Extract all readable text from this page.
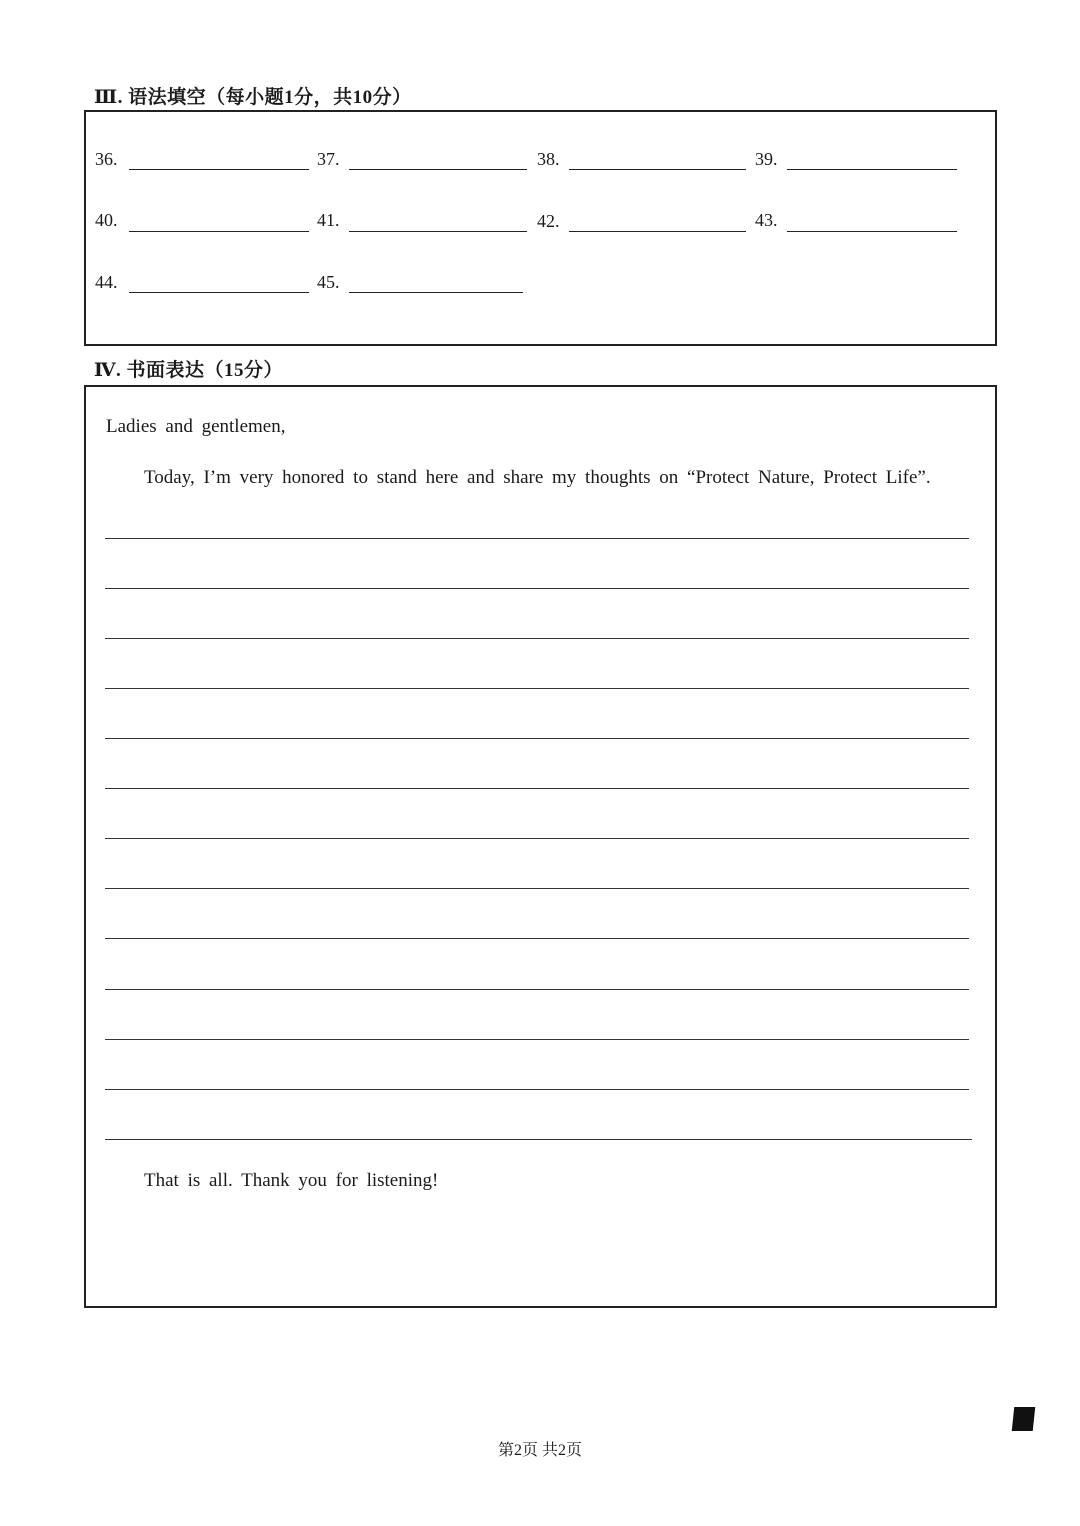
Ⅲ. 语法填空（每小题1分，共10分）
36.	37.	38.	39.
40.	41.	42.	43.
44.	45.
Ⅳ. 书面表达（15分）
Ladies and gentlemen,
Today, I’m very honored to stand here and share my thoughts on “Protect Nature, Protect Life”.
That is all. Thank you for listening!
第2页 共2页
